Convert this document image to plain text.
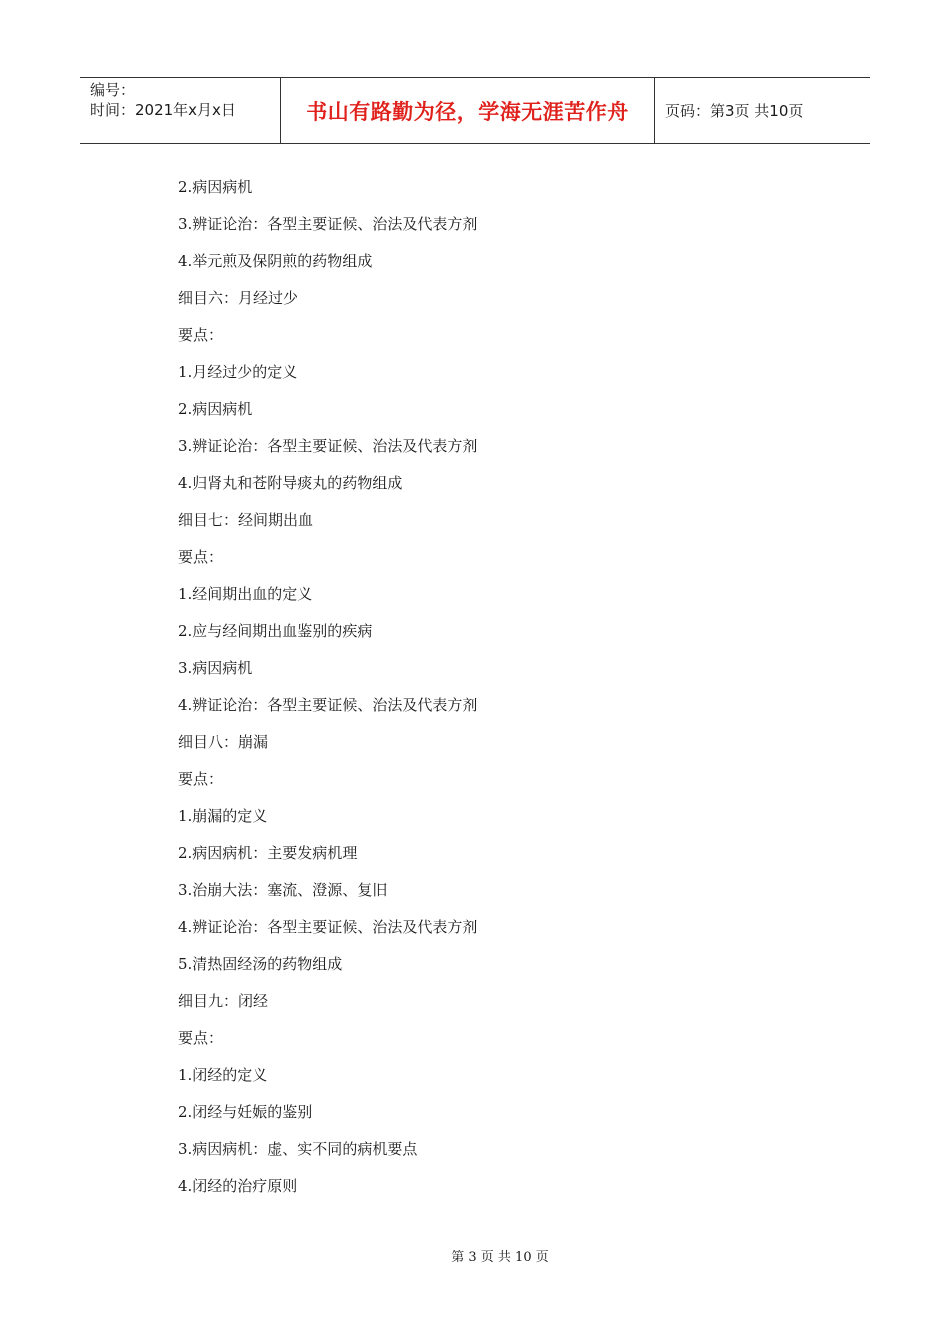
编号：
时间：2021年x月x日	书山有路勤为径，学海无涯苦作舟 页码：第3页 共10页
2.病因病机
3.辨证论治：各型主要证候、治法及代表方剂
4.举元煎及保阴煎的药物组成
细目六：月经过少
要点：
1.月经过少的定义
2.病因病机
3.辨证论治：各型主要证候、治法及代表方剂
4.归肾丸和苍附导痰丸的药物组成
细目七：经间期出血
要点：
1.经间期出血的定义
2.应与经间期出血鉴别的疾病
3.病因病机
4.辨证论治：各型主要证候、治法及代表方剂
细目八：崩漏
要点：
1.崩漏的定义
2.病因病机：主要发病机理
3.治崩大法：塞流、澄源、复旧
4.辨证论治：各型主要证候、治法及代表方剂
5.清热固经汤的药物组成
细目九：闭经
要点：
1.闭经的定义
2.闭经与妊娠的鉴别
3.病因病机：虚、实不同的病机要点
4.闭经的治疗原则
第 3 页 共 10 页
